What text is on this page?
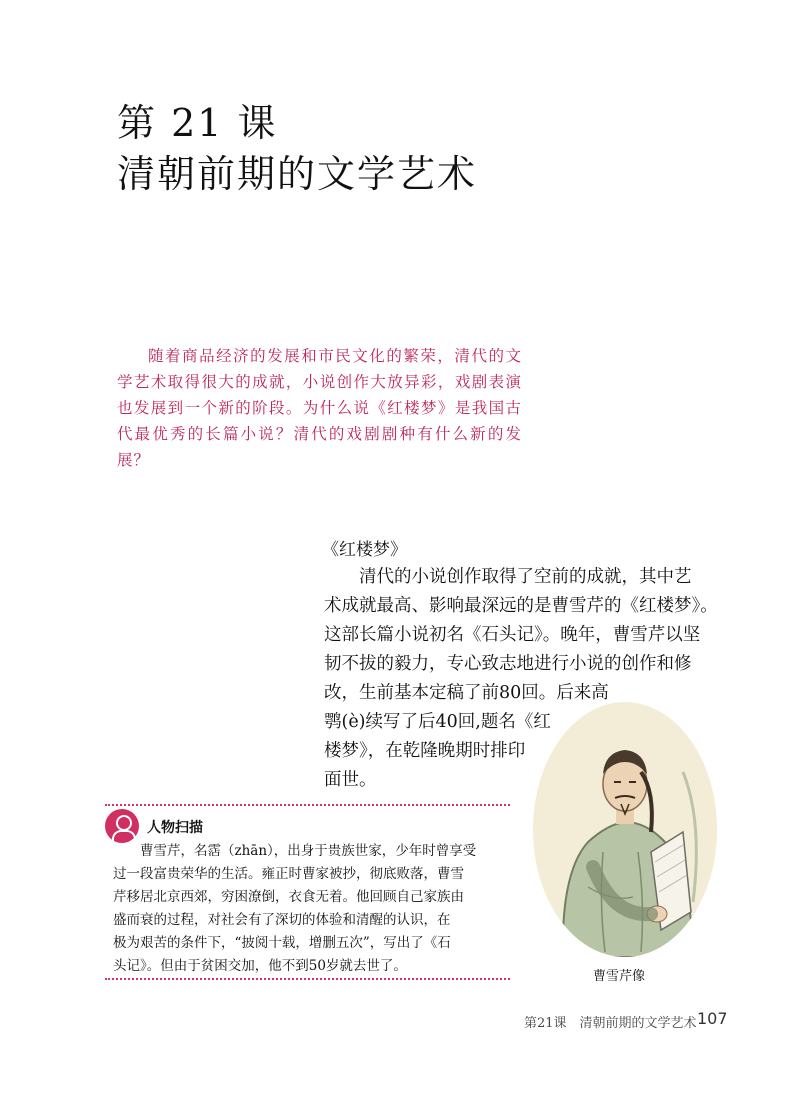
第 21 课
清朝前期的文学艺术
随着商品经济的发展和市民文化的繁荣，清代的文学艺术取得很大的成就，小说创作大放异彩，戏剧表演也发展到一个新的阶段。为什么说《红楼梦》是我国古代最优秀的长篇小说？清代的戏剧剧种有什么新的发展？
《红楼梦》
　　清代的小说创作取得了空前的成就，其中艺
术成就最高、影响最深远的是曹雪芹的《红楼梦》。
这部长篇小说初名《石头记》。晚年，曹雪芹以坚
韧不拔的毅力，专心致志地进行小说的创作和修
改，生前基本定稿了前80回。后来高
鹗(è)续写了后40回,题名《红
楼梦》，在乾隆晚期时排印
面世。
人物扫描
曹雪芹，名霑（zhān），出身于贵族世家，少年时曾享受
过一段富贵荣华的生活。雍正时曹家被抄，彻底败落，曹雪
芹移居北京西郊，穷困潦倒，衣食无着。他回顾自己家族由
盛而衰的过程，对社会有了深切的体验和清醒的认识，在
极为艰苦的条件下，“披阅十载，增删五次”，写出了《石
头记》。但由于贫困交加，他不到50岁就去世了。
曹雪芹像
第21课　清朝前期的文学艺术 107
